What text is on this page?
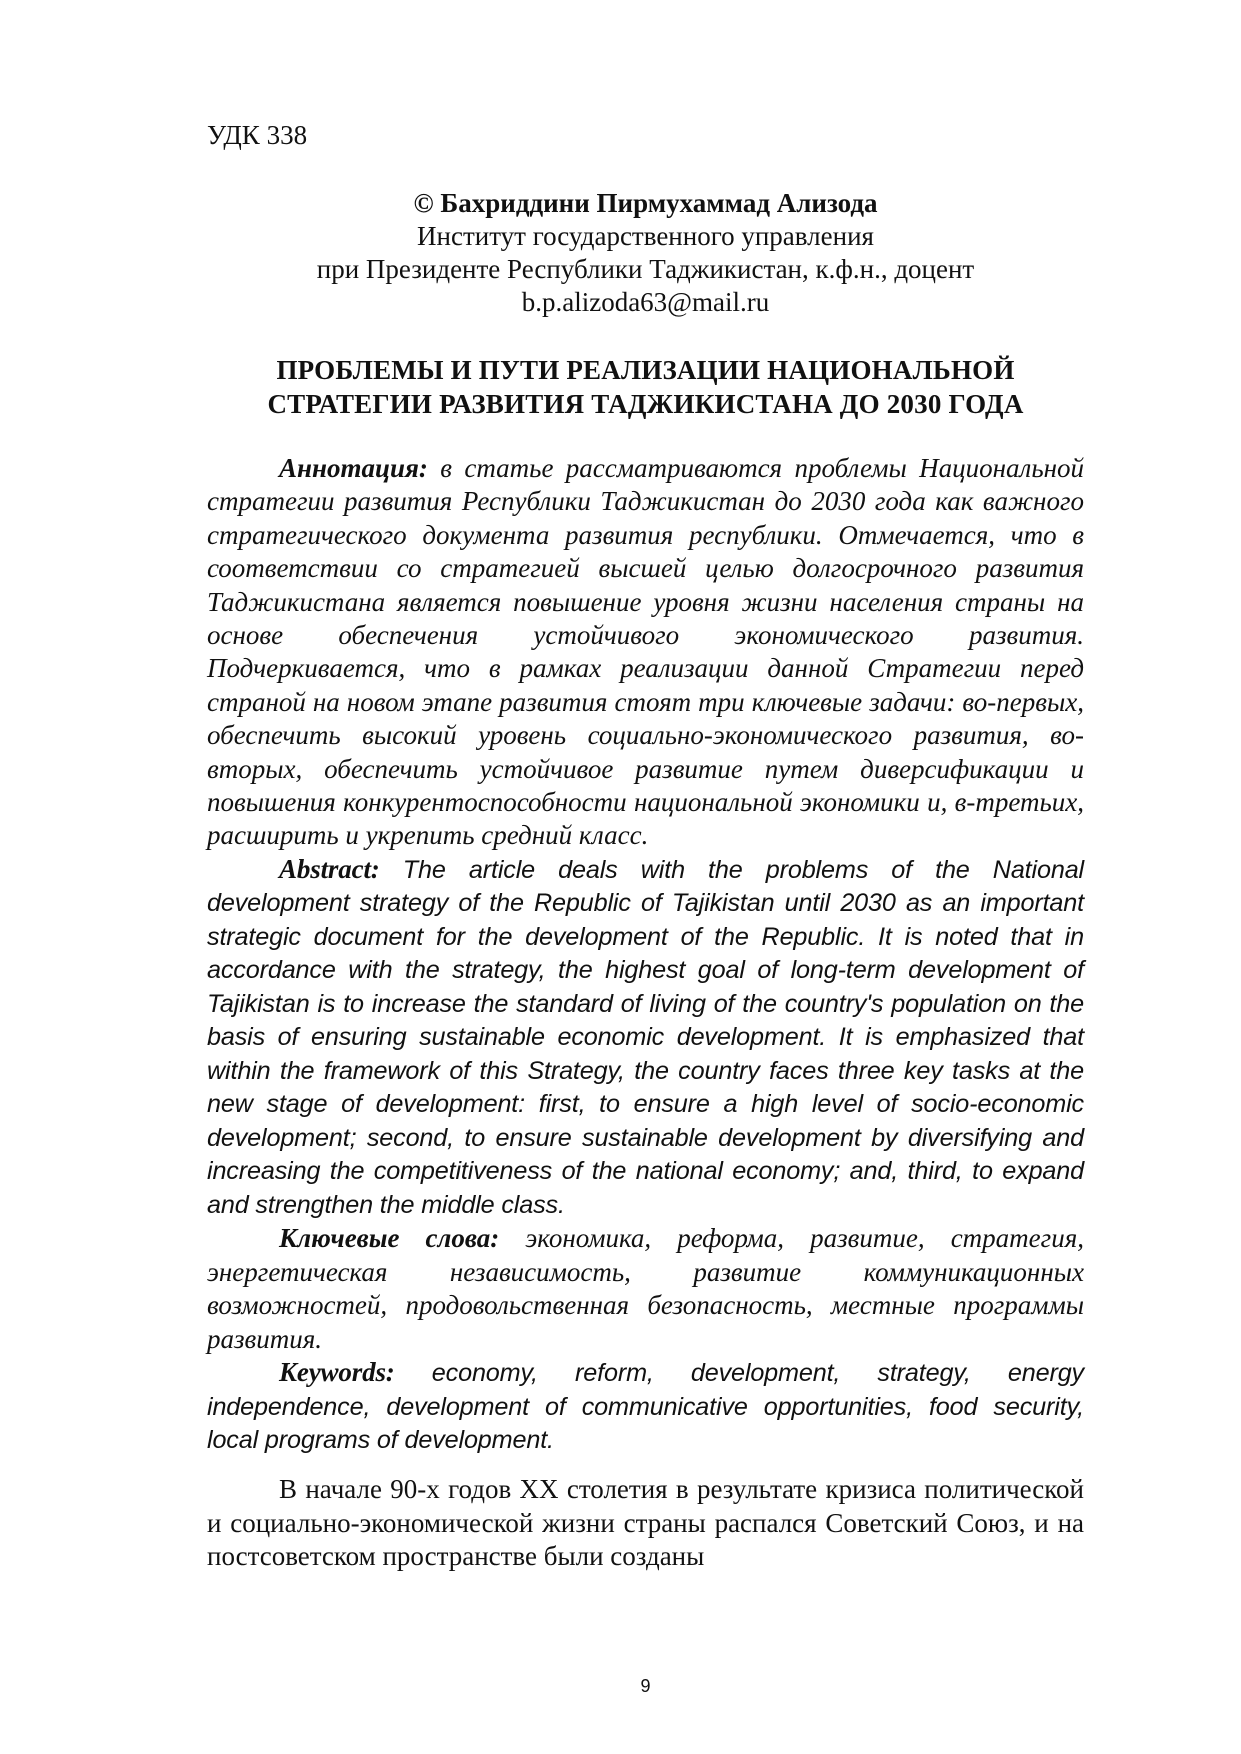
УДК 338
© Бахриддини Пирмухаммад Ализода
Институт государственного управления
при Президенте Республики Таджикистан, к.ф.н., доцент
b.p.alizoda63@mail.ru
ПРОБЛЕМЫ И ПУТИ РЕАЛИЗАЦИИ НАЦИОНАЛЬНОЙ
СТРАТЕГИИ РАЗВИТИЯ ТАДЖИКИСТАНА ДО 2030 ГОДА

Аннотация: в статье рассматриваются проблемы Национальной стратегии развития Республики Таджикистан до 2030 года как важного стратегического документа развития республики. Отмечается, что в соответствии со стратегией высшей целью долгосрочного развития Таджикистана является повышение уровня жизни населения страны на основе обеспечения устойчивого экономического развития. Подчеркивается, что в рамках реализации данной Стратегии перед страной на новом этапе развития стоят три ключевые задачи: во-первых, обеспечить высокий уровень социально-экономического развития, во-вторых, обеспечить устойчивое развитие путем диверсификации и повышения конкурентоспособности национальной экономики и, в-третьих, расширить и укрепить средний класс.

Abstract: The article deals with the problems of the National development strategy of the Republic of Tajikistan until 2030 as an important strategic document for the development of the Republic. It is noted that in accordance with the strategy, the highest goal of long-term development of Tajikistan is to increase the standard of living of the country's population on the basis of ensuring sustainable economic development. It is emphasized that within the framework of this Strategy, the country faces three key tasks at the new stage of development: first, to ensure a high level of socio-economic development; second, to ensure sustainable development by diversifying and increasing the competitiveness of the national economy; and, third, to expand and strengthen the middle class.

Ключевые слова: экономика, реформа, развитие, стратегия, энергетическая независимость, развитие коммуникационных возможностей, продовольственная безопасность, местные программы развития.

Keywords: economy, reform, development, strategy, energy independence, development of communicative opportunities, food security, local programs of development.

В начале 90-х годов XX столетия в результате кризиса политической и социально-экономической жизни страны распался Советский Союз, и на постсоветском пространстве были созданы

9
